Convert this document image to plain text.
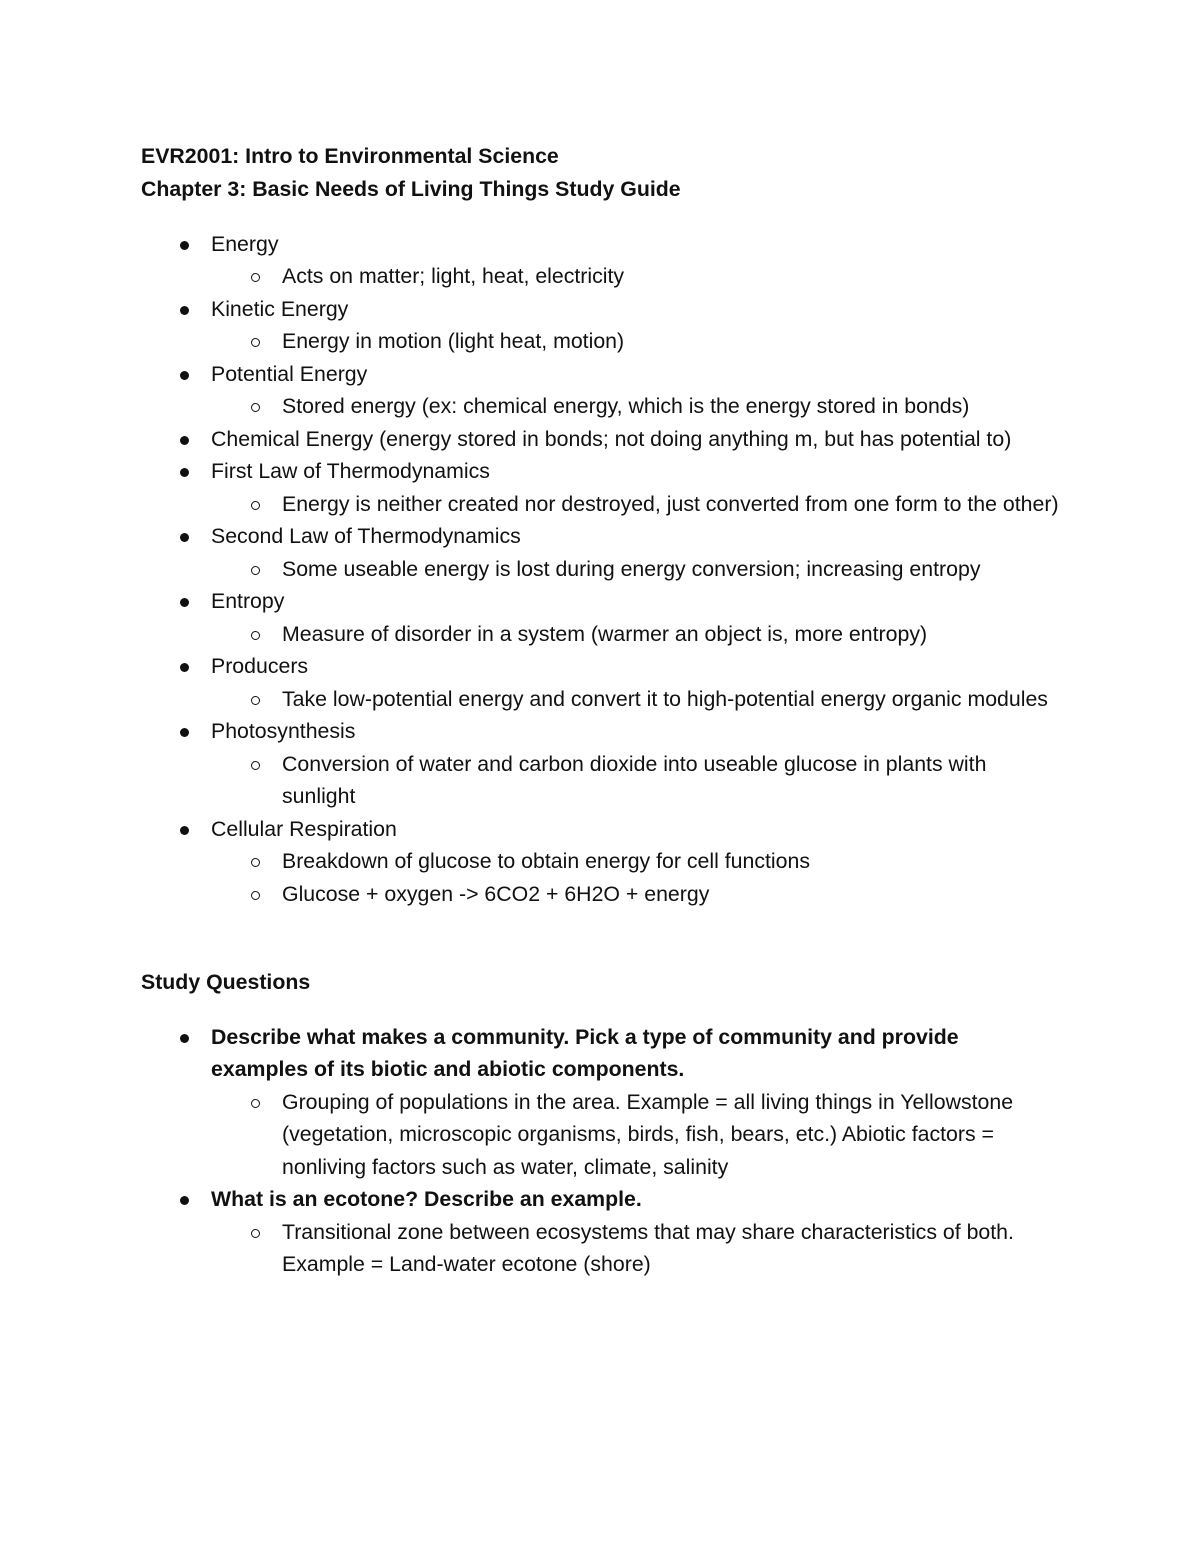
EVR2001: Intro to Environmental Science

Chapter 3: Basic Needs of Living Things Study Guide

Energy
Acts on matter; light, heat, electricity
Kinetic Energy
Energy in motion (light heat, motion)
Potential Energy
Stored energy (ex: chemical energy, which is the energy stored in bonds)
Chemical Energy (energy stored in bonds; not doing anything m, but has potential to)
First Law of Thermodynamics
Energy is neither created nor destroyed, just converted from one form to the other)
Second Law of Thermodynamics
Some useable energy is lost during energy conversion; increasing entropy
Entropy
Measure of disorder in a system (warmer an object is, more entropy)
Producers
Take low-potential energy and convert it to high-potential energy organic modules
Photosynthesis
Conversion of water and carbon dioxide into useable glucose in plants with sunlight
Cellular Respiration
Breakdown of glucose to obtain energy for cell functions
Glucose + oxygen -> 6CO2 + 6H2O + energy

Study Questions

Describe what makes a community. Pick a type of community and provide examples of its biotic and abiotic components.
Grouping of populations in the area. Example = all living things in Yellowstone (vegetation, microscopic organisms, birds, fish, bears, etc.) Abiotic factors = nonliving factors such as water, climate, salinity
What is an ecotone? Describe an example.
Transitional zone between ecosystems that may share characteristics of both. Example = Land-water ecotone (shore)
